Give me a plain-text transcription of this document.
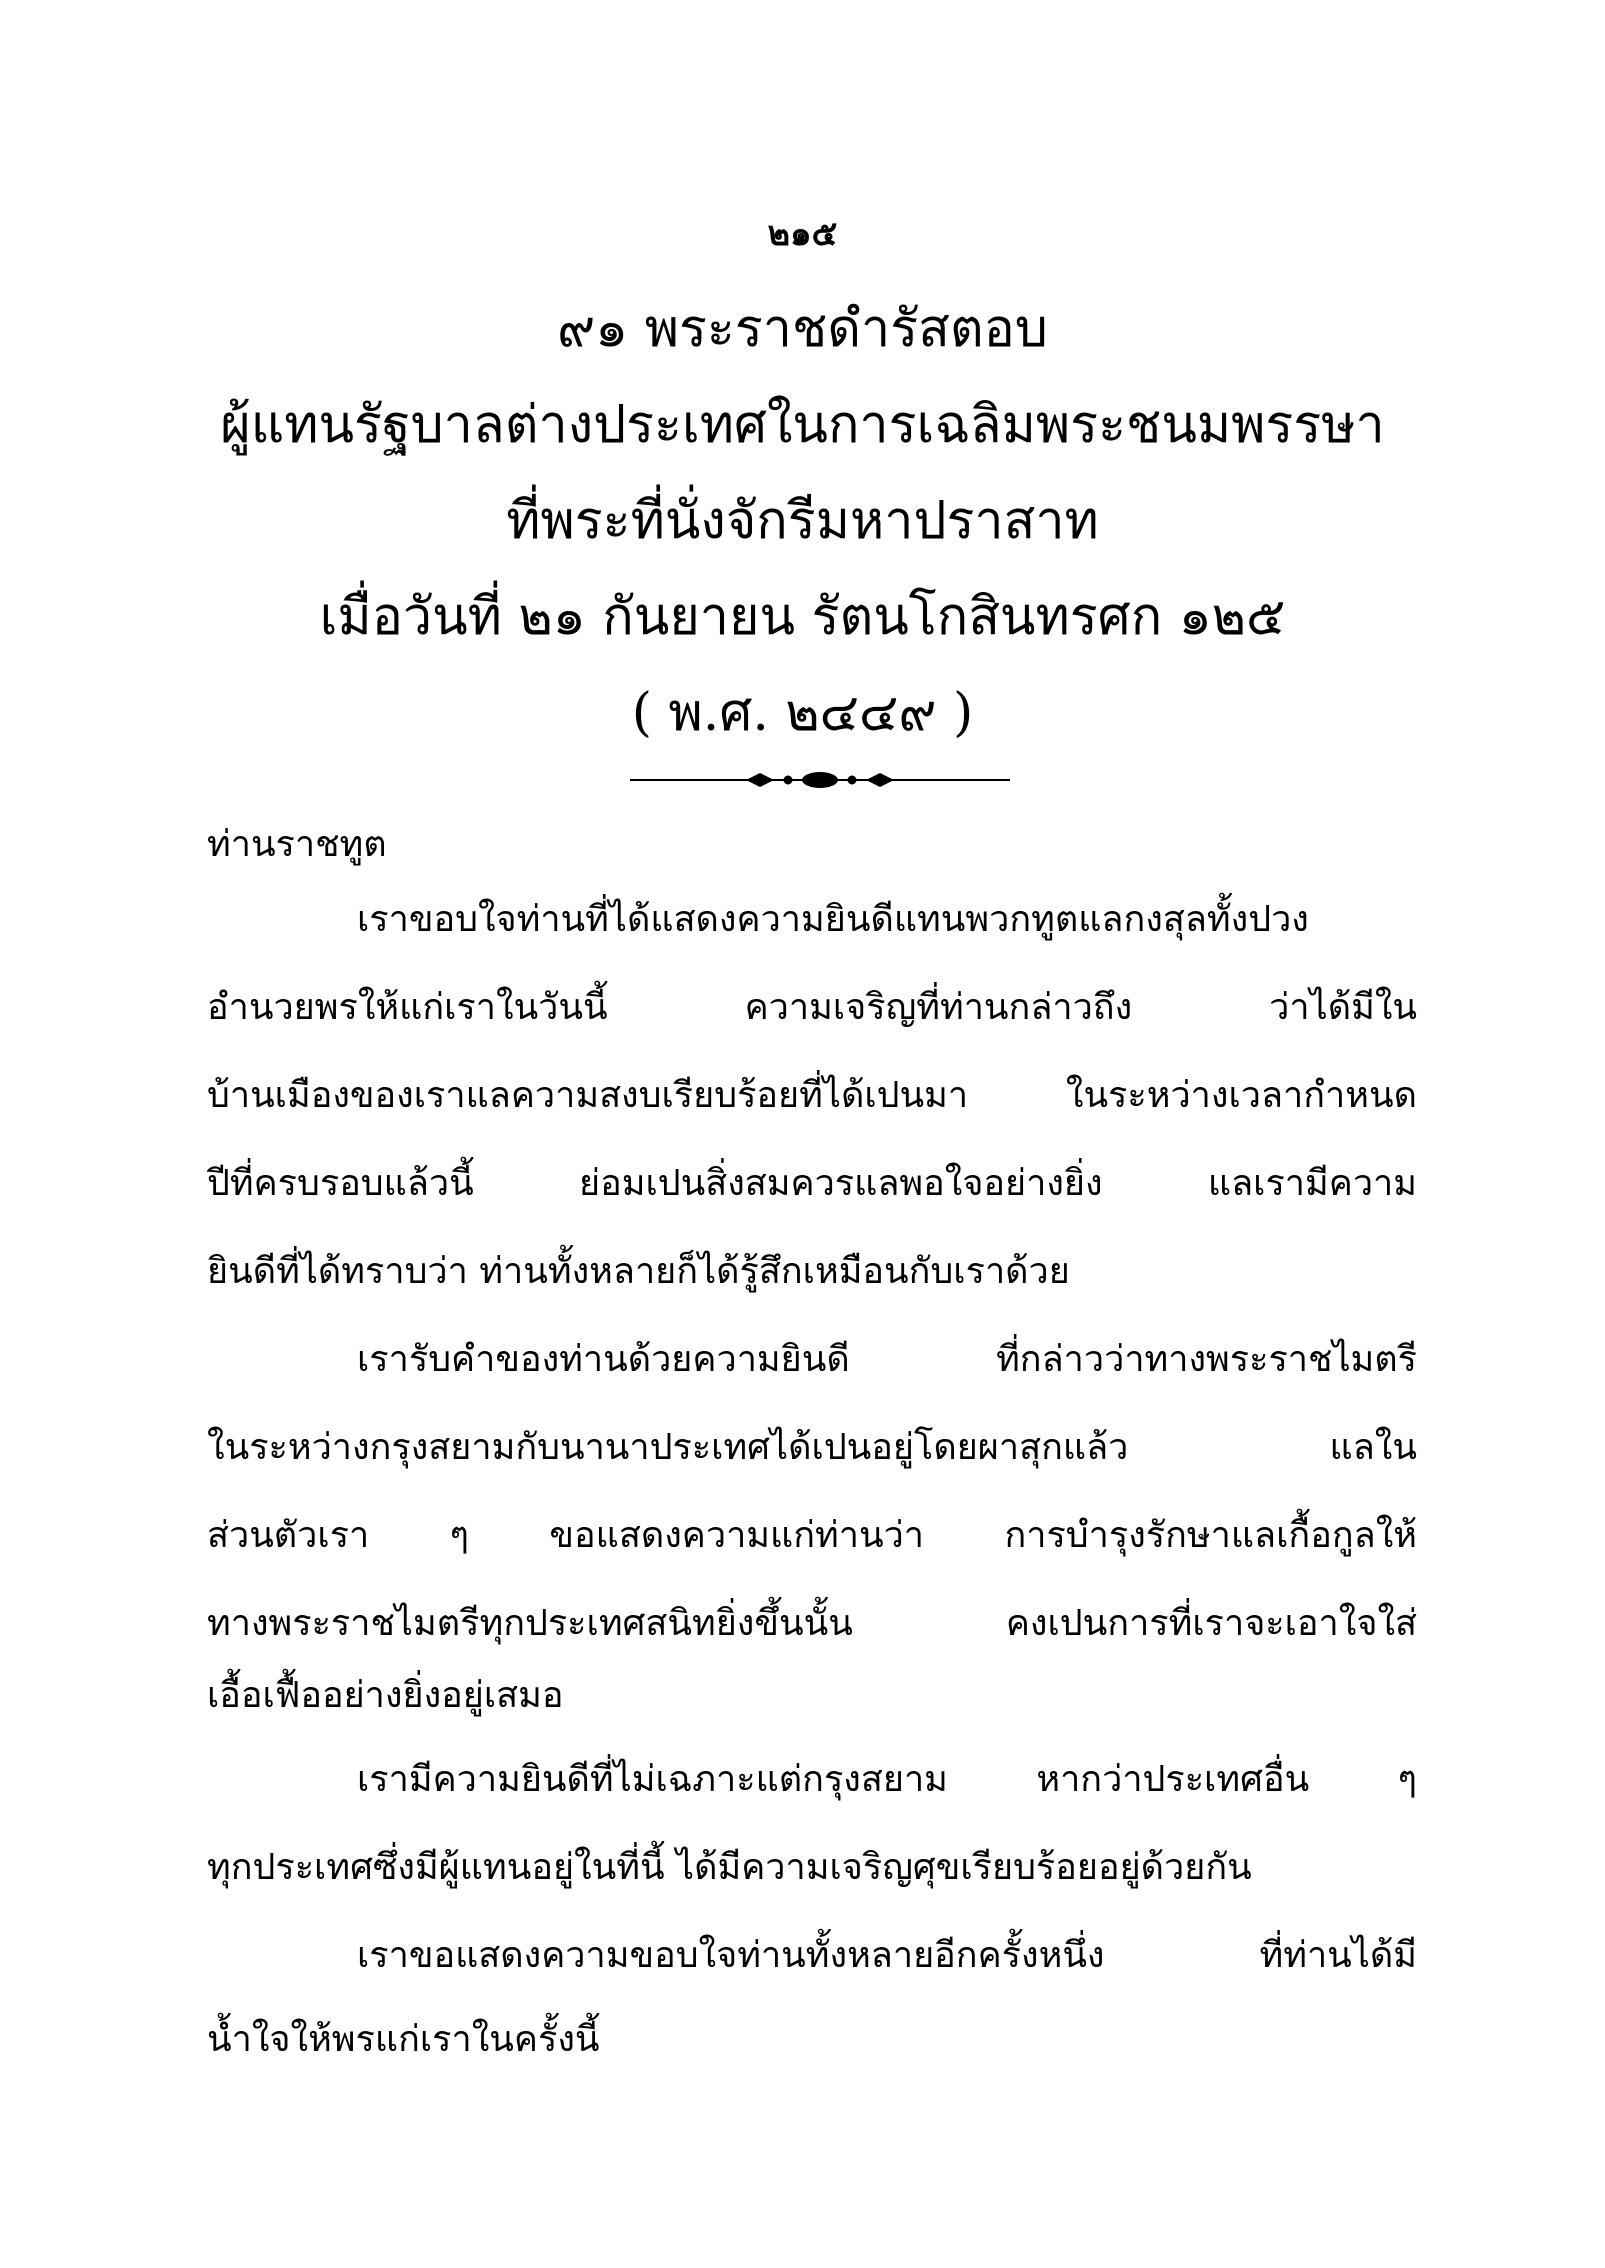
๒๑๕
๙๑ พระราชดำรัสตอบ
ผู้แทนรัฐบาลต่างประเทศในการเฉลิมพระชนมพรรษา
ที่พระที่นั่งจักรีมหาปราสาท
เมื่อวันที่ ๒๑ กันยายน รัตนโกสินทรศก ๑๒๕
( พ.ศ. ๒๔๔๙ )
ท่านราชทูต
เราขอบใจท่านที่ได้แสดงความยินดีแทนพวกทูตแลกงสุลทั้งปวง
อำนวยพรให้แก่เราในวันนี้ ความเจริญที่ท่านกล่าวถึง ว่าได้มีใน
บ้านเมืองของเราแลความสงบเรียบร้อยที่ได้เปนมา ในระหว่างเวลากำหนด
ปีที่ครบรอบแล้วนี้ ย่อมเปนสิ่งสมควรแลพอใจอย่างยิ่ง แลเรามีความ
ยินดีที่ได้ทราบว่า ท่านทั้งหลายก็ได้รู้สึกเหมือนกับเราด้วย
เรารับคำของท่านด้วยความยินดี ที่กล่าวว่าทางพระราชไมตรี
ในระหว่างกรุงสยามกับนานาประเทศได้เปนอยู่โดยผาสุกแล้ว แลใน
ส่วนตัวเรา ๆ ขอแสดงความแก่ท่านว่า การบำรุงรักษาแลเกื้อกูลให้
ทางพระราชไมตรีทุกประเทศสนิทยิ่งขึ้นนั้น คงเปนการที่เราจะเอาใจใส่
เอื้อเฟื้ออย่างยิ่งอยู่เสมอ
เรามีความยินดีที่ไม่เฉภาะแต่กรุงสยาม หากว่าประเทศอื่น ๆ
ทุกประเทศซึ่งมีผู้แทนอยู่ในที่นี้ ได้มีความเจริญศุขเรียบร้อยอยู่ด้วยกัน
เราขอแสดงความขอบใจท่านทั้งหลายอีกครั้งหนึ่ง ที่ท่านได้มี
น้ำใจให้พรแก่เราในครั้งนี้
